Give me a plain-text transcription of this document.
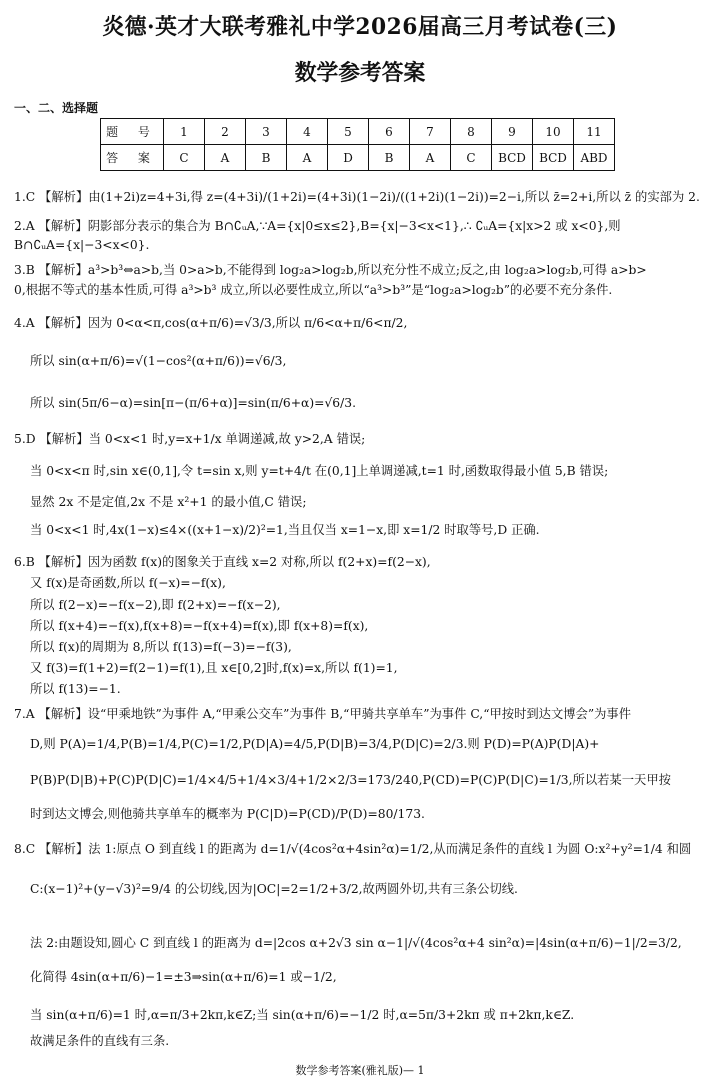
炎德·英才大联考雅礼中学2026届高三月考试卷(三)
数学参考答案
一、二、选择题
题 号	1	2	3	4	5	6	7	8	9	10	11
答 案	C	A	B	A	D	B	A	C	BCD	BCD	ABD
1.C 【解析】由(1+2i)z=4+3i,得 z=(4+3i)/(1+2i)=(4+3i)(1−2i)/((1+2i)(1−2i))=2−i,所以 z̄=2+i,所以 z̄ 的实部为 2.
2.A 【解析】阴影部分表示的集合为 B∩∁ᵤA,∵A={x|0≤x≤2},B={x|−3<x<1},∴ ∁ᵤA={x|x>2 或 x<0},则
B∩∁ᵤA={x|−3<x<0}.
3.B 【解析】a³>b³⇔a>b,当 0>a>b,不能得到 log₂a>log₂b,所以充分性不成立;反之,由 log₂a>log₂b,可得 a>b>
0,根据不等式的基本性质,可得 a³>b³ 成立,所以必要性成立,所以“a³>b³”是“log₂a>log₂b”的必要不充分条件.
4.A 【解析】因为 0<α<π,cos(α+π/6)=√3/3,所以 π/6<α+π/6<π/2,
所以 sin(α+π/6)=√(1−cos²(α+π/6))=√6/3,
所以 sin(5π/6−α)=sin[π−(π/6+α)]=sin(π/6+α)=√6/3.
5.D 【解析】当 0<x<1 时,y=x+1/x 单调递减,故 y>2,A 错误;
当 0<x<π 时,sin x∈(0,1],令 t=sin x,则 y=t+4/t 在(0,1]上单调递减,t=1 时,函数取得最小值 5,B 错误;
显然 2x 不是定值,2x 不是 x²+1 的最小值,C 错误;
当 0<x<1 时,4x(1−x)≤4×((x+1−x)/2)²=1,当且仅当 x=1−x,即 x=1/2 时取等号,D 正确.
6.B 【解析】因为函数 f(x)的图象关于直线 x=2 对称,所以 f(2+x)=f(2−x),
又 f(x)是奇函数,所以 f(−x)=−f(x),
所以 f(2−x)=−f(x−2),即 f(2+x)=−f(x−2),
所以 f(x+4)=−f(x),f(x+8)=−f(x+4)=f(x),即 f(x+8)=f(x),
所以 f(x)的周期为 8,所以 f(13)=f(−3)=−f(3),
又 f(3)=f(1+2)=f(2−1)=f(1),且 x∈[0,2]时,f(x)=x,所以 f(1)=1,
所以 f(13)=−1.
7.A 【解析】设“甲乘地铁”为事件 A,“甲乘公交车”为事件 B,“甲骑共享单车”为事件 C,“甲按时到达文博会”为事件
D,则 P(A)=1/4,P(B)=1/4,P(C)=1/2,P(D|A)=4/5,P(D|B)=3/4,P(D|C)=2/3.则 P(D)=P(A)P(D|A)+
P(B)P(D|B)+P(C)P(D|C)=1/4×4/5+1/4×3/4+1/2×2/3=173/240,P(CD)=P(C)P(D|C)=1/3,所以若某一天甲按
时到达文博会,则他骑共享单车的概率为 P(C|D)=P(CD)/P(D)=80/173.
8.C 【解析】法 1:原点 O 到直线 l 的距离为 d=1/√(4cos²α+4sin²α)=1/2,从而满足条件的直线 l 为圆 O:x²+y²=1/4 和圆
C:(x−1)²+(y−√3)²=9/4 的公切线,因为|OC|=2=1/2+3/2,故两圆外切,共有三条公切线.
法 2:由题设知,圆心 C 到直线 l 的距离为 d=|2cos α+2√3 sin α−1|/√(4cos²α+4 sin²α)=|4sin(α+π/6)−1|/2=3/2,
化简得 4sin(α+π/6)−1=±3⇒sin(α+π/6)=1 或−1/2,
当 sin(α+π/6)=1 时,α=π/3+2kπ,k∈Z;当 sin(α+π/6)=−1/2 时,α=5π/3+2kπ 或 π+2kπ,k∈Z.
故满足条件的直线有三条.
数学参考答案(雅礼版)— 1
